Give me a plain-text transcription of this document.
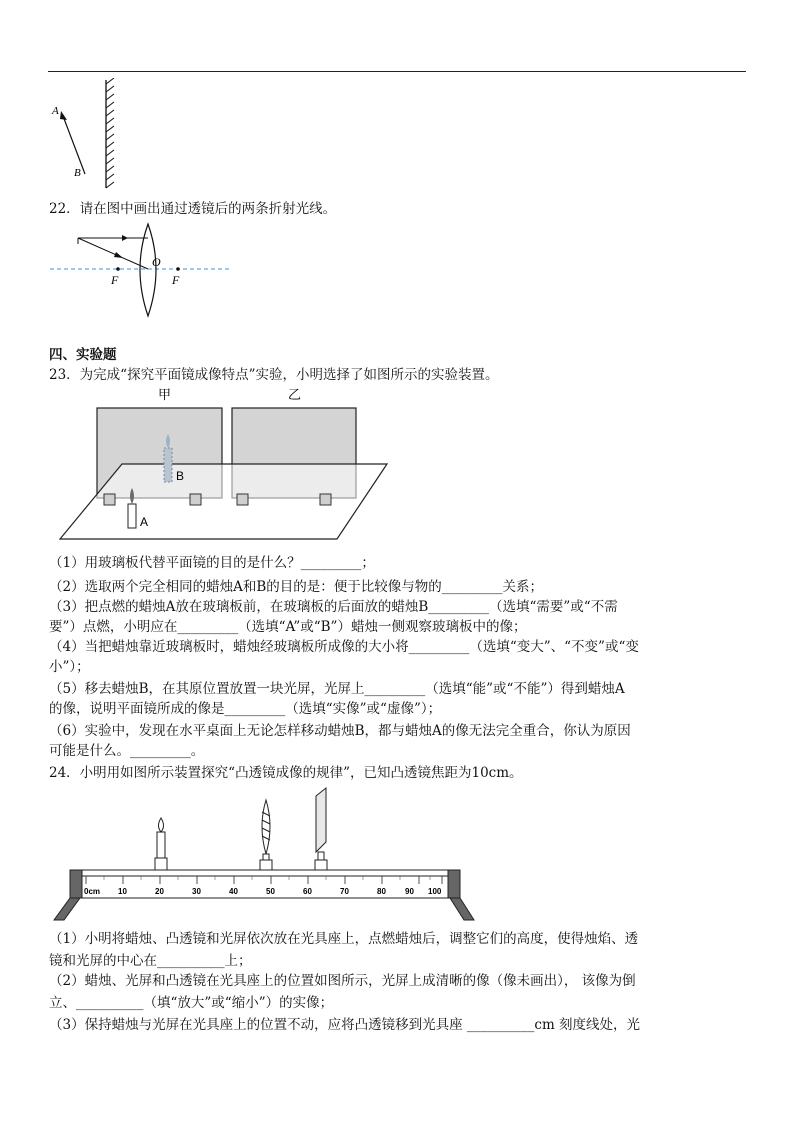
A
B
22．请在图中画出通过透镜后的两条折射光线。
O
F	F
四、实验题
23．为完成“探究平面镜成像特点”实验，小明选择了如图所示的实验装置。
甲	乙
B
A
（1）用玻璃板代替平面镜的目的是什么？_________；
（2）选取两个完全相同的蜡烛A和B的目的是：便于比较像与物的_________关系；
（3）把点燃的蜡烛A放在玻璃板前，在玻璃板的后面放的蜡烛B_________（选填“需要”或“不需
要”）点燃，小明应在_________（选填“A”或“B”）蜡烛一侧观察玻璃板中的像；
（4）当把蜡烛靠近玻璃板时，蜡烛经玻璃板所成像的大小将_________（选填“变大”、“不变”或“变
小”）；
（5）移去蜡烛B，在其原位置放置一块光屏，光屏上_________（选填“能”或“不能”）得到蜡烛A
的像，说明平面镜所成的像是_________（选填“实像”或“虚像”）；
（6）实验中，发现在水平桌面上无论怎样移动蜡烛B，都与蜡烛A的像无法完全重合，你认为原因
可能是什么。_________。
24．小明用如图所示装置探究“凸透镜成像的规律”，已知凸透镜焦距为10cm。
0cm 10	20	30	40	50	60	70	80 90 100
（1）小明将蜡烛、凸透镜和光屏依次放在光具座上，点燃蜡烛后，调整它们的高度，使得烛焰、透
镜和光屏的中心在__________上；
（2）蜡烛、光屏和凸透镜在光具座上的位置如图所示，光屏上成清晰的像（像未画出）， 该像为倒
立、__________（填“放大”或“缩小”）的实像；
（3）保持蜡烛与光屏在光具座上的位置不动，应将凸透镜移到光具座 __________cm 刻度线处，光
